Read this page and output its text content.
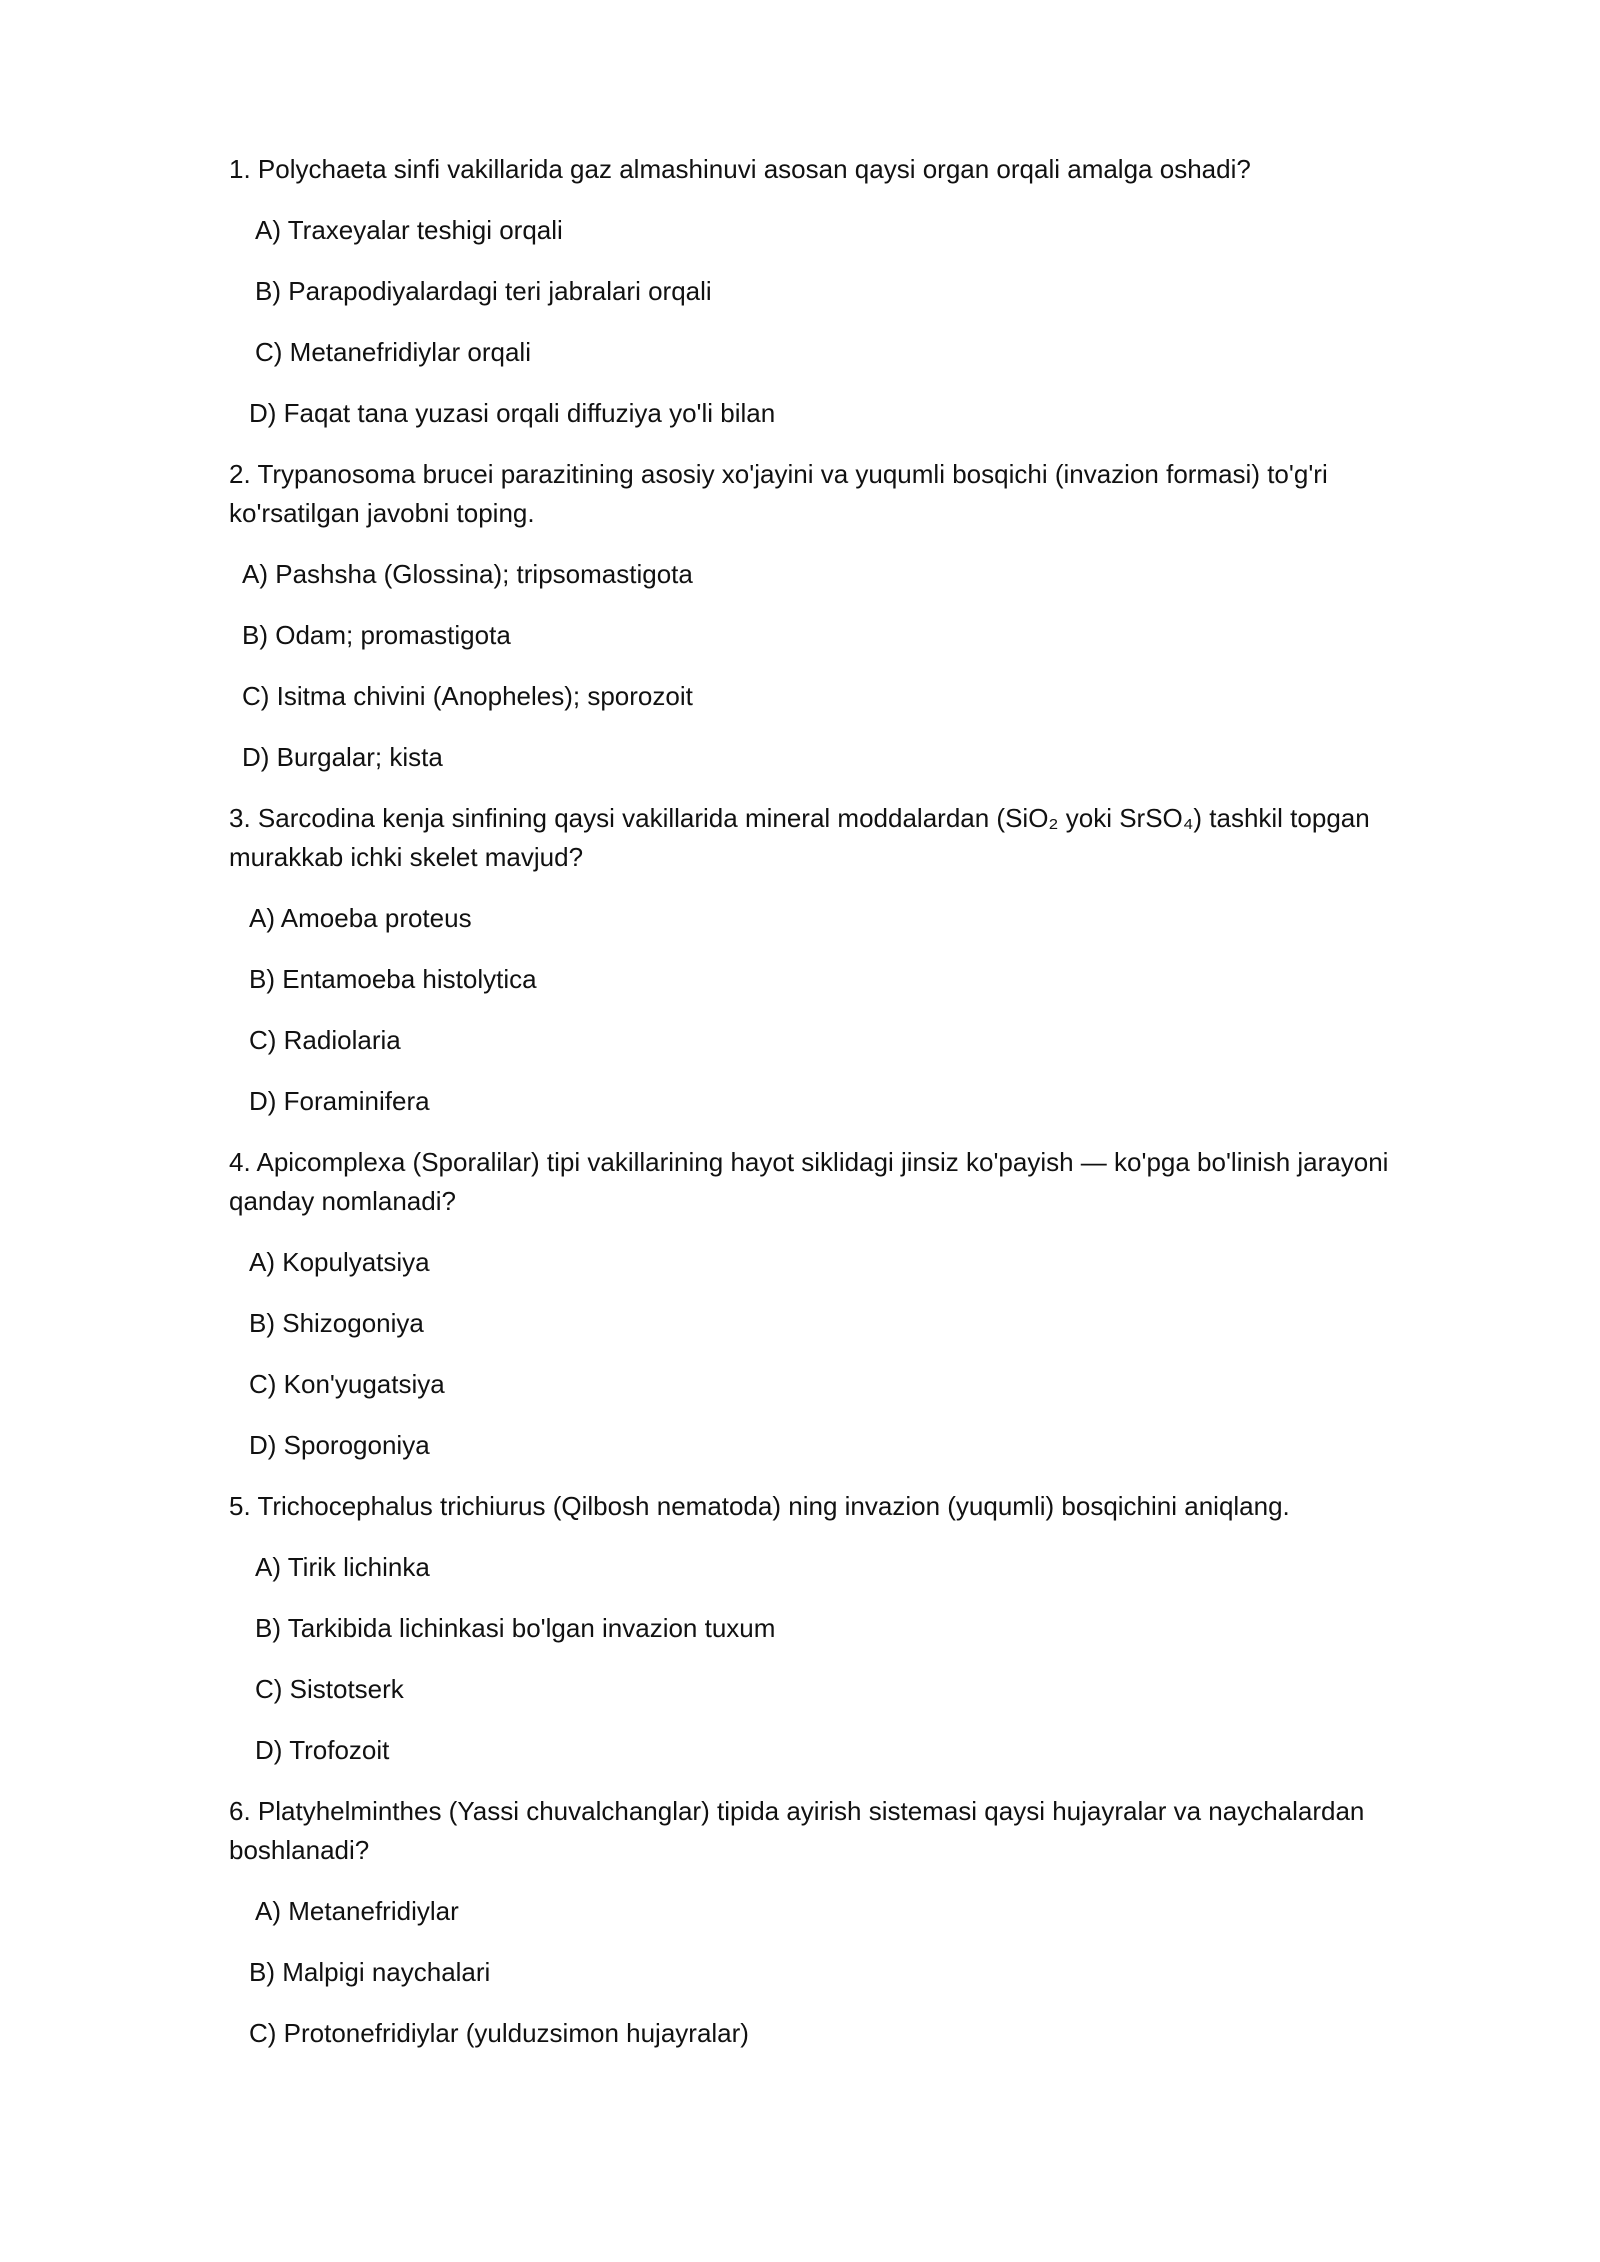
1. Polychaeta sinfi vakillarida gaz almashinuvi asosan qaysi organ orqali amalga oshadi?

A) Traxeyalar teshigi orqali
B) Parapodiyalardagi teri jabralari orqali
C) Metanefridiylar orqali
D) Faqat tana yuzasi orqali diffuziya yo'li bilan

2. Trypanosoma brucei parazitining asosiy xo'jayini va yuqumli bosqichi (invazion formasi) to'g'ri ko'rsatilgan javobni toping.

A) Pashsha (Glossina); tripsomastigota
B) Odam; promastigota
C) Isitma chivini (Anopheles); sporozoit
D) Burgalar; kista

3. Sarcodina kenja sinfining qaysi vakillarida mineral moddalardan (SiO₂ yoki SrSO₄) tashkil topgan murakkab ichki skelet mavjud?

A) Amoeba proteus
B) Entamoeba histolytica
C) Radiolaria
D) Foraminifera

4. Apicomplexa (Sporalilar) tipi vakillarining hayot siklidagi jinsiz ko'payish — ko'pga bo'linish jarayoni qanday nomlanadi?

A) Kopulyatsiya
B) Shizogoniya
C) Kon'yugatsiya
D) Sporogoniya

5. Trichocephalus trichiurus (Qilbosh nematoda) ning invazion (yuqumli) bosqichini aniqlang.

A) Tirik lichinka
B) Tarkibida lichinkasi bo'lgan invazion tuxum
C) Sistotserk
D) Trofozoit

6. Platyhelminthes (Yassi chuvalchanglar) tipida ayirish sistemasi qaysi hujayralar va naychalardan boshlanadi?

A) Metanefridiylar
B) Malpigi naychalari
C) Protonefridiylar (yulduzsimon hujayralar)
